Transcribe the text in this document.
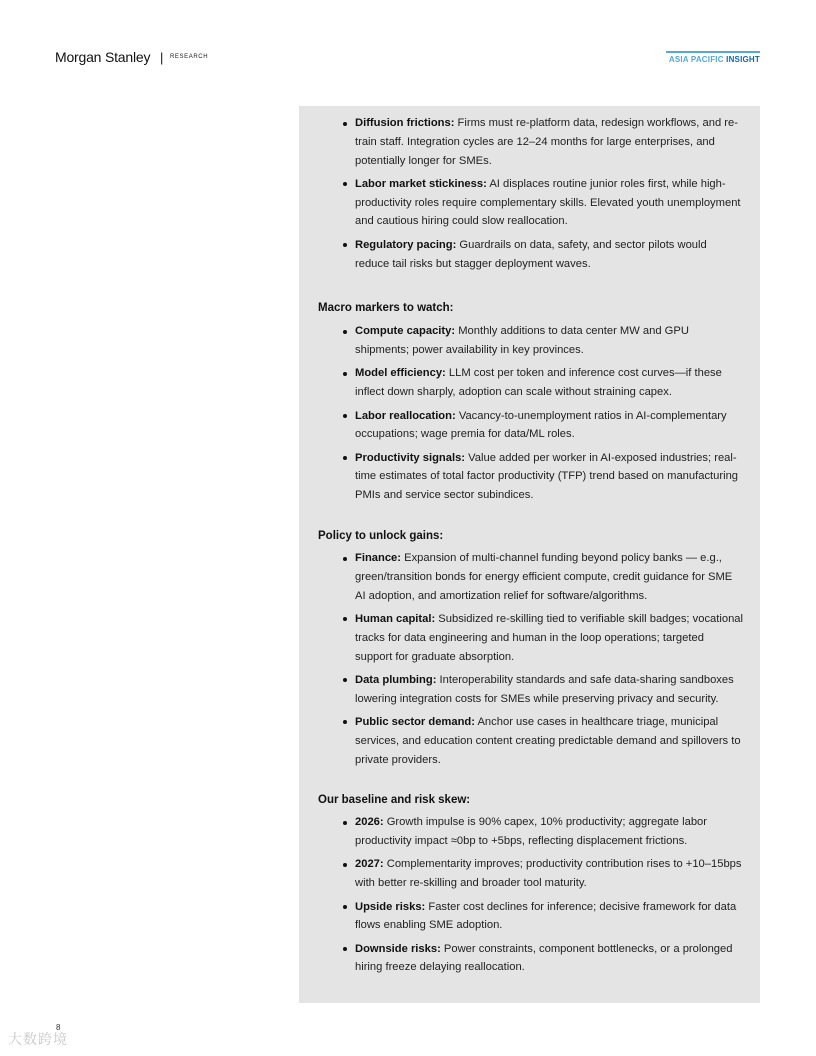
Morgan Stanley | RESEARCH	ASIA PACIFIC INSIGHT
Diffusion frictions: Firms must re-platform data, redesign workflows, and re-train staff. Integration cycles are 12–24 months for large enterprises, and potentially longer for SMEs.
Labor market stickiness: AI displaces routine junior roles first, while high-productivity roles require complementary skills. Elevated youth unemployment and cautious hiring could slow reallocation.
Regulatory pacing: Guardrails on data, safety, and sector pilots would reduce tail risks but stagger deployment waves.

Macro markers to watch:

Compute capacity: Monthly additions to data center MW and GPU shipments; power availability in key provinces.
Model efficiency: LLM cost per token and inference cost curves—if these inflect down sharply, adoption can scale without straining capex.
Labor reallocation: Vacancy-to-unemployment ratios in AI-complementary occupations; wage premia for data/ML roles.
Productivity signals: Value added per worker in AI-exposed industries; real-time estimates of total factor productivity (TFP) trend based on manufacturing PMIs and service sector subindices.

Policy to unlock gains:

Finance: Expansion of multi-channel funding beyond policy banks — e.g., green/transition bonds for energy efficient compute, credit guidance for SME AI adoption, and amortization relief for software/algorithms.
Human capital: Subsidized re-skilling tied to verifiable skill badges; vocational tracks for data engineering and human in the loop operations; targeted support for graduate absorption.
Data plumbing: Interoperability standards and safe data-sharing sandboxes lowering integration costs for SMEs while preserving privacy and security.
Public sector demand: Anchor use cases in healthcare triage, municipal services, and education content creating predictable demand and spillovers to private providers.

Our baseline and risk skew:

2026: Growth impulse is 90% capex, 10% productivity; aggregate labor productivity impact ≈0bp to +5bps, reflecting displacement frictions.
2027: Complementarity improves; productivity contribution rises to +10–15bps with better re-skilling and broader tool maturity.
Upside risks: Faster cost declines for inference; decisive framework for data flows enabling SME adoption.
Downside risks: Power constraints, component bottlenecks, or a prolonged hiring freeze delaying reallocation.
8
大数跨境
